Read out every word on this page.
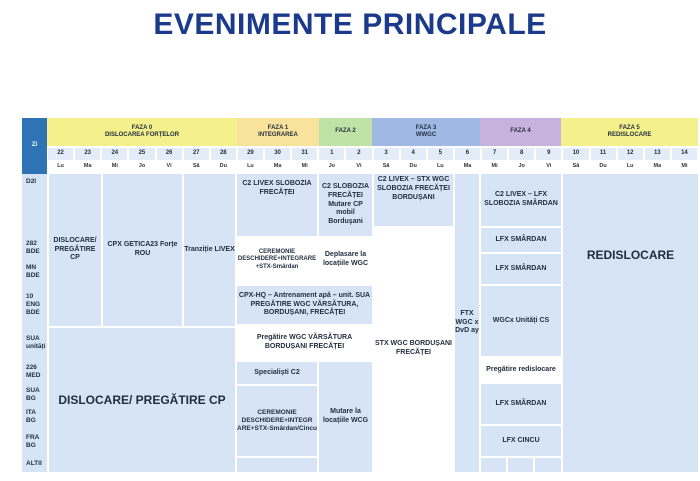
EVENIMENTE PRINCIPALE
Zi
FAZA 0
DISLOCAREA FORȚELOR
FAZA 1
INTEGRAREA
FAZA 2
FAZA 3
WWGC
FAZA 4
FAZA 5
REDISLOCARE
D2I
282 BDE
MN BDE
10 ENG BDE
SUA unități
226 MED
SUA BG
ITA BG
FRA BG
ALTII
DISLOCARE/ PREGĂTIRE CP
CPX GETICA23 Forțe ROU
Tranziție LIVEX
DISLOCARE/ PREGĂTIRE CP
C2 LIVEX SLOBOZIA FRECĂȚEI
CEREMONIE DESCHIDERE+INTEGRARE +STX-Smârdan
CPX-HQ – Antrenament apă – unit. SUA PREGĂTIRE WGC VĂRSĂTURA, BORDUȘANI, FRECĂȚEI
Pregătire WGC VĂRSĂTURA BORDUȘANI FRECĂȚEI
Specialiști C2
CEREMONIE DESCHIDERE+INTEGR ARE+STX-Smârdan/Cincu
C2 SLOBOZIA FRECĂȚEI Mutare CP mobil Borduşani
Deplasare la locațiile WGC
Mutare la locațiile WCG
C2 LIVEX – STX WGC SLOBOZIA FRECĂȚEI BORDUȘANI
STX WGC BORDUȘANI FRECĂȚEI
FTX WGC x DvD ay
C2 LIVEX – LFX SLOBOZIA SMÂRDAN
LFX SMÂRDAN
LFX SMÂRDAN
WGCx Unități CS
Pregătire redislocare
LFX SMÂRDAN
LFX CINCU
REDISLOCARE
22
Lu
23
Ma
24
Mi
25
Jo
26
Vi
27
Sâ
28
Du
29
Lu
30
Ma
31
Mi
1
Jo
2
Vi
3
Sâ
4
Du
5
Lu
6
Ma
7
Mi
8
Jo
9
Vi
10
Sâ
11
Du
12
Lu
13
Ma
14
Mi
